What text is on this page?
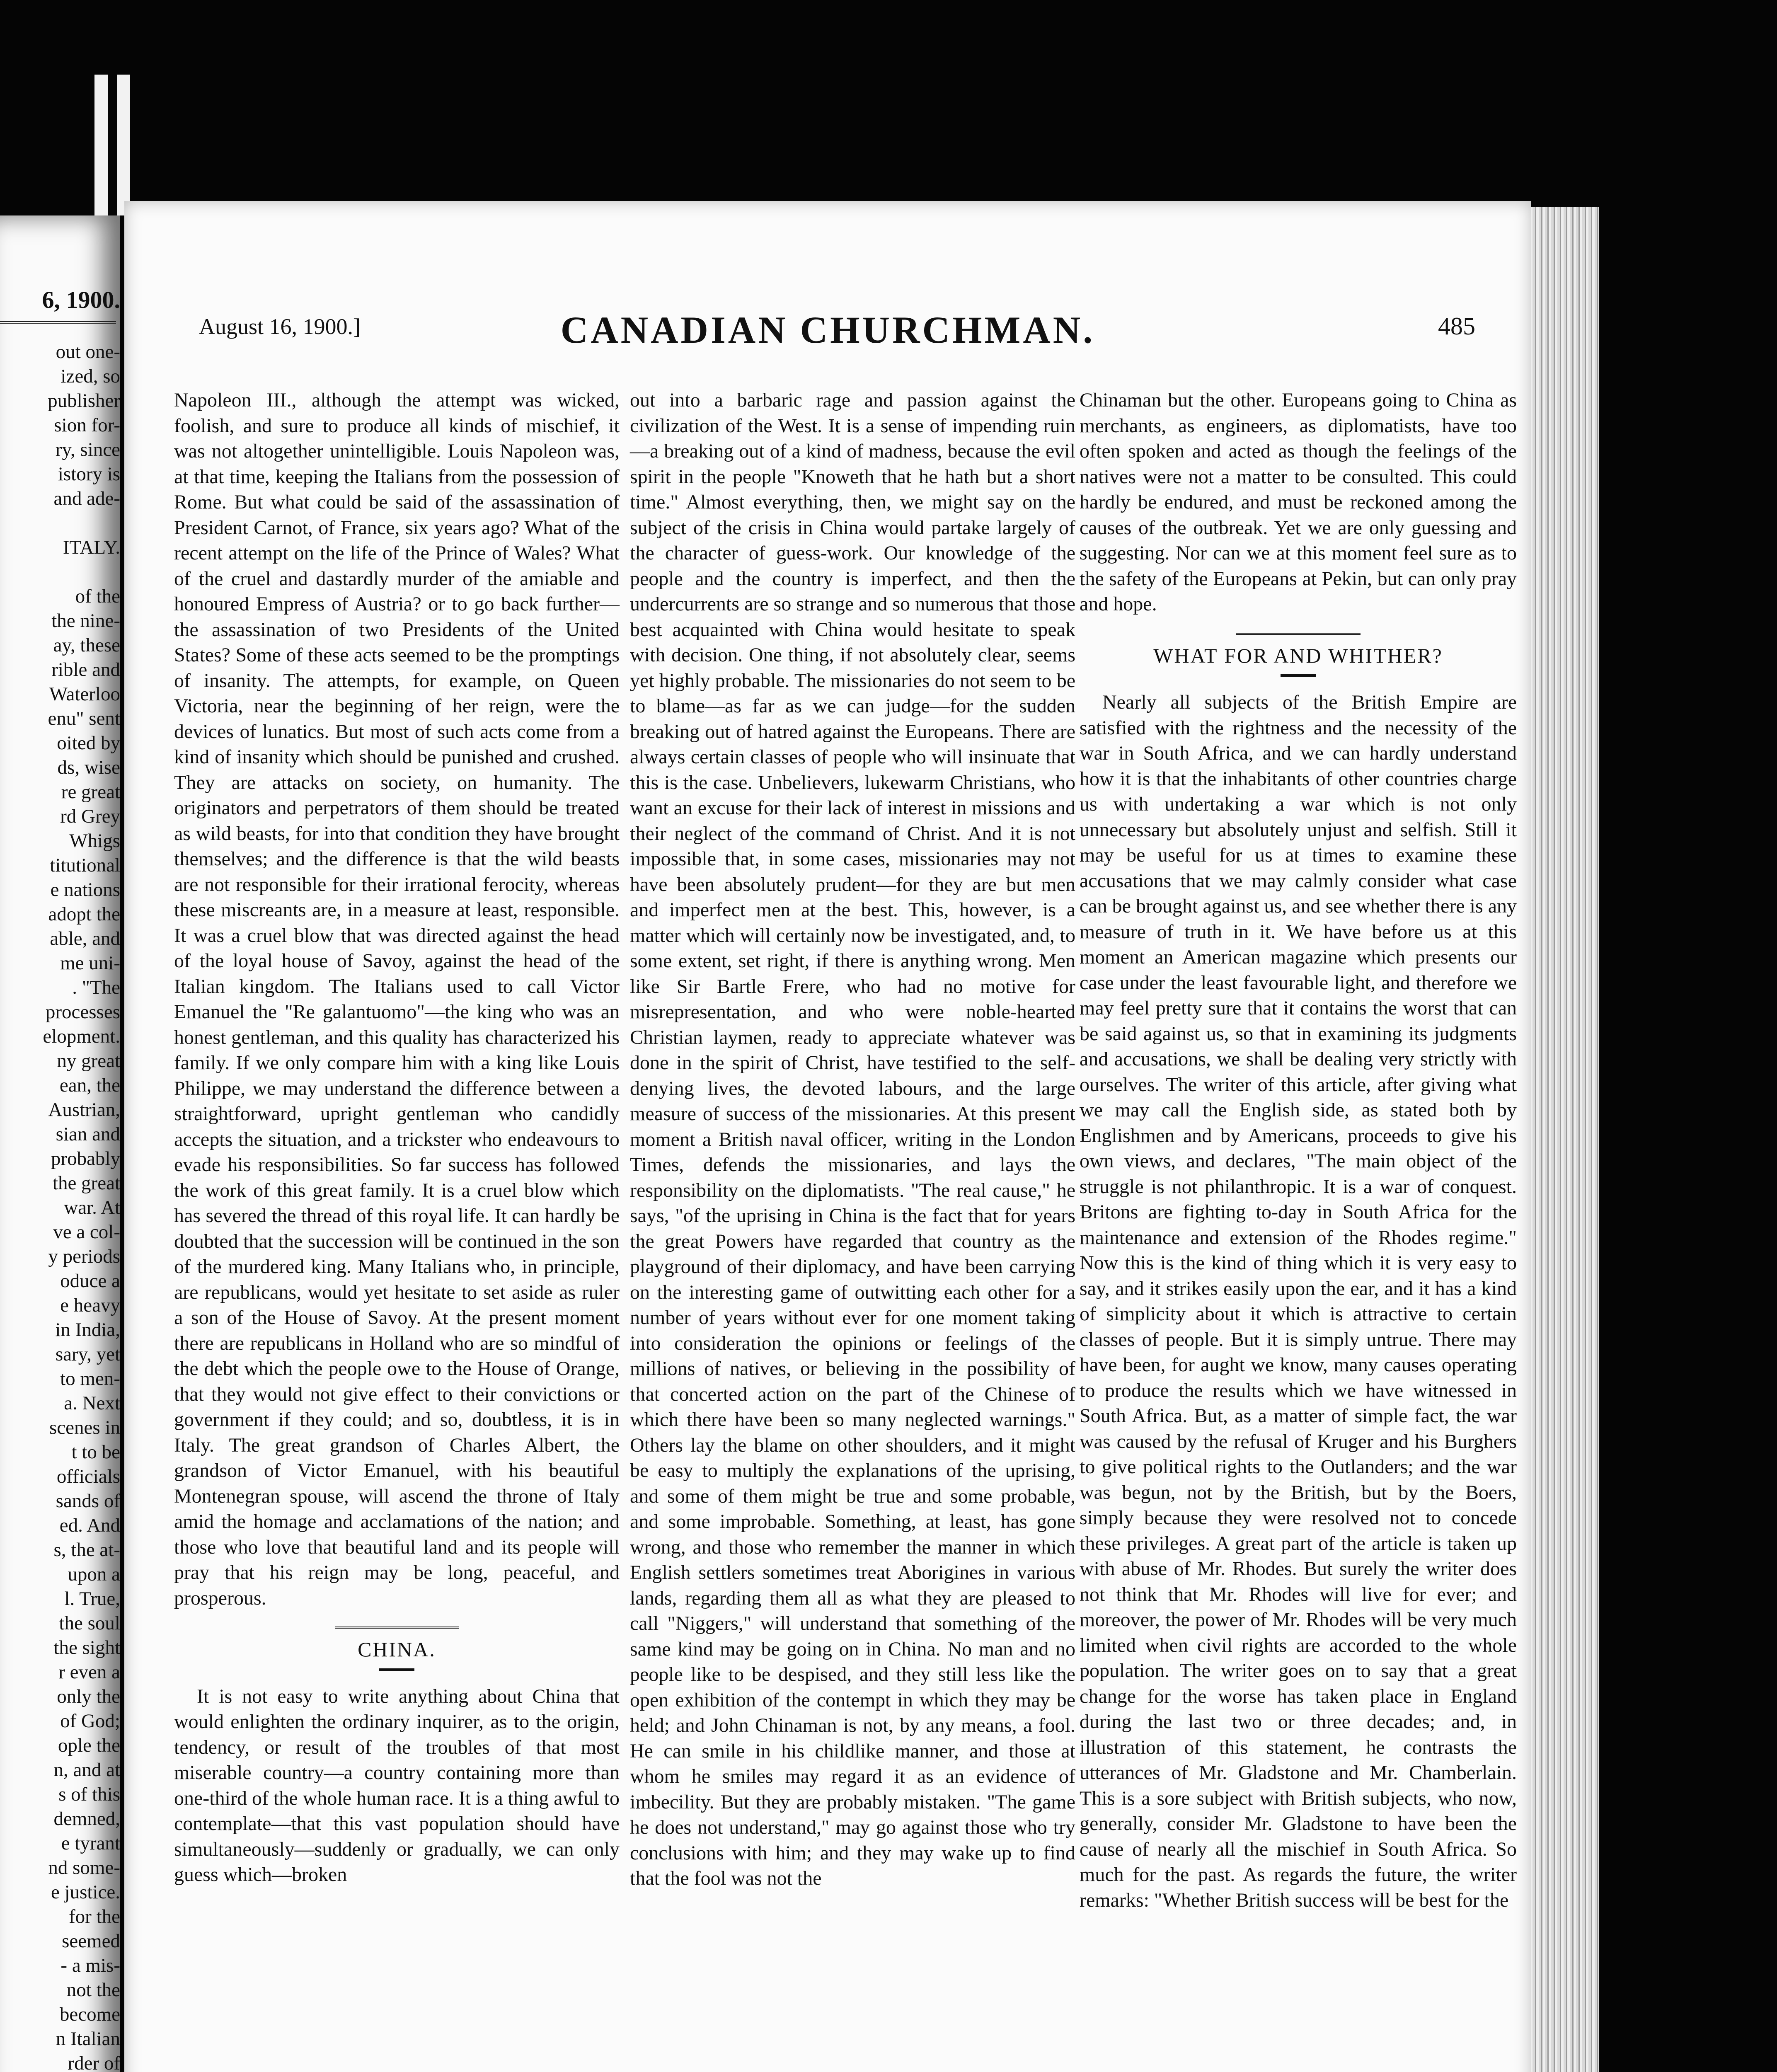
6, 1900.
out one-
ized, so
publisher
sion for-
ry, since
istory is
and ade-

ITALY.

of the
the nine-
ay, these
rible and
Waterloo
enu" sent
oited by
ds, wise
re great
rd Grey
Whigs
titutional
e nations
adopt the
able, and
me uni-
. "The
processes
elopment.
ny great
ean, the
Austrian,
sian and
probably
the great
war. At
ve a col-
y periods
oduce a
e heavy
in India,
sary, yet
to men-
a. Next
scenes in
t to be
officials
sands of
ed. And
s, the at-
upon a
l. True,
the soul
the sight
r even a
only the
of God;
ople the
n, and at
s of this
demned,
e tyrant
nd some-
e justice.
for the
seemed
- a mis-
not the
become
n Italian
rder of
August 16, 1900.]	CANADIAN CHURCHMAN.	485

Napoleon III., although the attempt was wicked, foolish, and sure to produce all kinds of mischief, it was not altogether unintelligible. Louis Napoleon was, at that time, keeping the Italians from the possession of Rome. But what could be said of the assassination of President Carnot, of France, six years ago? What of the recent attempt on the life of the Prince of Wales? What of the cruel and dastardly murder of the amiable and honoured Empress of Austria? or to go back further—the assassination of two Presidents of the United States? Some of these acts seemed to be the promptings of insanity. The attempts, for example, on Queen Victoria, near the beginning of her reign, were the devices of lunatics. But most of such acts come from a kind of insanity which should be punished and crushed. They are attacks on society, on humanity. The originators and perpetrators of them should be treated as wild beasts, for into that condition they have brought themselves; and the difference is that the wild beasts are not responsible for their irrational ferocity, whereas these miscreants are, in a measure at least, responsible. It was a cruel blow that was directed against the head of the loyal house of Savoy, against the head of the Italian kingdom. The Italians used to call Victor Emanuel the "Re galantuomo"—the king who was an honest gentleman, and this quality has characterized his family. If we only compare him with a king like Louis Philippe, we may understand the difference between a straightforward, upright gentleman who candidly accepts the situation, and a trickster who endeavours to evade his responsibilities. So far success has followed the work of this great family. It is a cruel blow which has severed the thread of this royal life. It can hardly be doubted that the succession will be continued in the son of the murdered king. Many Italians who, in principle, are republicans, would yet hesitate to set aside as ruler a son of the House of Savoy. At the present moment there are republicans in Holland who are so mindful of the debt which the people owe to the House of Orange, that they would not give effect to their convictions or government if they could; and so, doubtless, it is in Italy. The great grandson of Charles Albert, the grandson of Victor Emanuel, with his beautiful Montenegran spouse, will ascend the throne of Italy amid the homage and acclamations of the nation; and those who love that beautiful land and its people will pray that his reign may be long, peaceful, and prosperous.

CHINA.

It is not easy to write anything about China that would enlighten the ordinary inquirer, as to the origin, tendency, or result of the troubles of that most miserable country—a country containing more than one-third of the whole human race. It is a thing awful to contemplate—that this vast population should have simultaneously—suddenly or gradually, we can only guess which—broken

out into a barbaric rage and passion against the civilization of the West. It is a sense of impending ruin—a breaking out of a kind of madness, because the evil spirit in the people "Knoweth that he hath but a short time." Almost everything, then, we might say on the subject of the crisis in China would partake largely of the character of guess-work. Our knowledge of the people and the country is imperfect, and then the undercurrents are so strange and so numerous that those best acquainted with China would hesitate to speak with decision. One thing, if not absolutely clear, seems yet highly probable. The missionaries do not seem to be to blame—as far as we can judge—for the sudden breaking out of hatred against the Europeans. There are always certain classes of people who will insinuate that this is the case. Unbelievers, lukewarm Christians, who want an excuse for their lack of interest in missions and their neglect of the command of Christ. And it is not impossible that, in some cases, missionaries may not have been absolutely prudent—for they are but men and imperfect men at the best. This, however, is a matter which will certainly now be investigated, and, to some extent, set right, if there is anything wrong. Men like Sir Bartle Frere, who had no motive for misrepresentation, and who were noble-hearted Christian laymen, ready to appreciate whatever was done in the spirit of Christ, have testified to the self-denying lives, the devoted labours, and the large measure of success of the missionaries. At this present moment a British naval officer, writing in the London Times, defends the missionaries, and lays the responsibility on the diplomatists. "The real cause," he says, "of the uprising in China is the fact that for years the great Powers have regarded that country as the playground of their diplomacy, and have been carrying on the interesting game of outwitting each other for a number of years without ever for one moment taking into consideration the opinions or feelings of the millions of natives, or believing in the possibility of that concerted action on the part of the Chinese of which there have been so many neglected warnings." Others lay the blame on other shoulders, and it might be easy to multiply the explanations of the uprising, and some of them might be true and some probable, and some improbable. Something, at least, has gone wrong, and those who remember the manner in which English settlers sometimes treat Aborigines in various lands, regarding them all as what they are pleased to call "Niggers," will understand that something of the same kind may be going on in China. No man and no people like to be despised, and they still less like the open exhibition of the contempt in which they may be held; and John Chinaman is not, by any means, a fool. He can smile in his childlike manner, and those at whom he smiles may regard it as an evidence of imbecility. But they are probably mistaken. "The game he does not understand," may go against those who try conclusions with him; and they may wake up to find that the fool was not the

Chinaman but the other. Europeans going to China as merchants, as engineers, as diplomatists, have too often spoken and acted as though the feelings of the natives were not a matter to be consulted. This could hardly be endured, and must be reckoned among the causes of the outbreak. Yet we are only guessing and suggesting. Nor can we at this moment feel sure as to the safety of the Europeans at Pekin, but can only pray and hope.

WHAT FOR AND WHITHER?

Nearly all subjects of the British Empire are satisfied with the rightness and the necessity of the war in South Africa, and we can hardly understand how it is that the inhabitants of other countries charge us with undertaking a war which is not only unnecessary but absolutely unjust and selfish. Still it may be useful for us at times to examine these accusations that we may calmly consider what case can be brought against us, and see whether there is any measure of truth in it. We have before us at this moment an American magazine which presents our case under the least favourable light, and therefore we may feel pretty sure that it contains the worst that can be said against us, so that in examining its judgments and accusations, we shall be dealing very strictly with ourselves. The writer of this article, after giving what we may call the English side, as stated both by Englishmen and by Americans, proceeds to give his own views, and declares, "The main object of the struggle is not philanthropic. It is a war of conquest. Britons are fighting to-day in South Africa for the maintenance and extension of the Rhodes regime." Now this is the kind of thing which it is very easy to say, and it strikes easily upon the ear, and it has a kind of simplicity about it which is attractive to certain classes of people. But it is simply untrue. There may have been, for aught we know, many causes operating to produce the results which we have witnessed in South Africa. But, as a matter of simple fact, the war was caused by the refusal of Kruger and his Burghers to give political rights to the Outlanders; and the war was begun, not by the British, but by the Boers, simply because they were resolved not to concede these privileges. A great part of the article is taken up with abuse of Mr. Rhodes. But surely the writer does not think that Mr. Rhodes will live for ever; and moreover, the power of Mr. Rhodes will be very much limited when civil rights are accorded to the whole population. The writer goes on to say that a great change for the worse has taken place in England during the last two or three decades; and, in illustration of this statement, he contrasts the utterances of Mr. Gladstone and Mr. Chamberlain. This is a sore subject with British subjects, who now, generally, consider Mr. Gladstone to have been the cause of nearly all the mischief in South Africa. So much for the past. As regards the future, the writer remarks: "Whether British success will be best for the
